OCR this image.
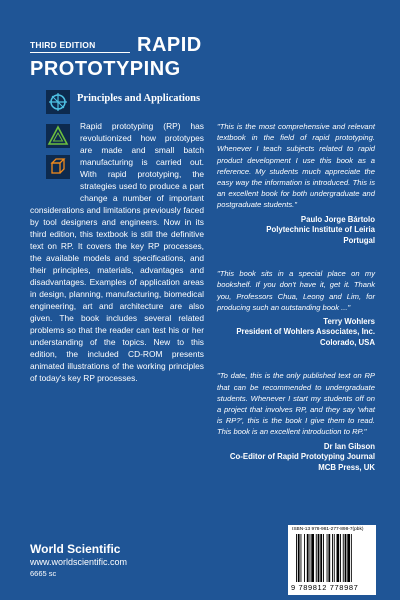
THIRD EDITION RAPID
PROTOTYPING
Principles and Applications
Rapid prototyping (RP) has revolutionized how prototypes are made and small batch manufacturing is carried out. With rapid prototyping, the strategies used to produce a part change a number of important considerations and limitations previously faced by tool designers and engineers. Now in its third edition, this textbook is still the definitive text on RP. It covers the key RP processes, the available models and specifications, and their principles, materials, advantages and disadvantages. Examples of application areas in design, planning, manufacturing, biomedical engineering, art and architecture are also given. The book includes several related problems so that the reader can test his or her understanding of the topics. New to this edition, the included CD-ROM presents animated illustrations of the working principles of today's key RP processes.
"This is the most comprehensive and relevant textbook in the field of rapid prototyping. Whenever I teach subjects related to rapid product development I use this book as a reference. My students much appreciate the easy way the information is introduced. This is an excellent book for both undergraduate and postgraduate students."
Paulo Jorge Bártolo
Polytechnic Institute of Leiria
Portugal
"This book sits in a special place on my bookshelf. If you don't have it, get it. Thank you, Professors Chua, Leong and Lim, for producing such an outstanding book ..."
Terry Wohlers
President of Wohlers Associates, Inc.
Colorado, USA
"To date, this is the only published text on RP that can be recommended to undergraduate students. Whenever I start my students off on a project that involves RP, and they say 'what is RP?', this is the book I give them to read. This book is an excellent introduction to RP."
Dr Ian Gibson
Co-Editor of Rapid Prototyping Journal
MCB Press, UK
World Scientific
www.worldscientific.com
6665 sc
ISBN-13 978-981-277-898-7(pbk)
9 789812 778987
